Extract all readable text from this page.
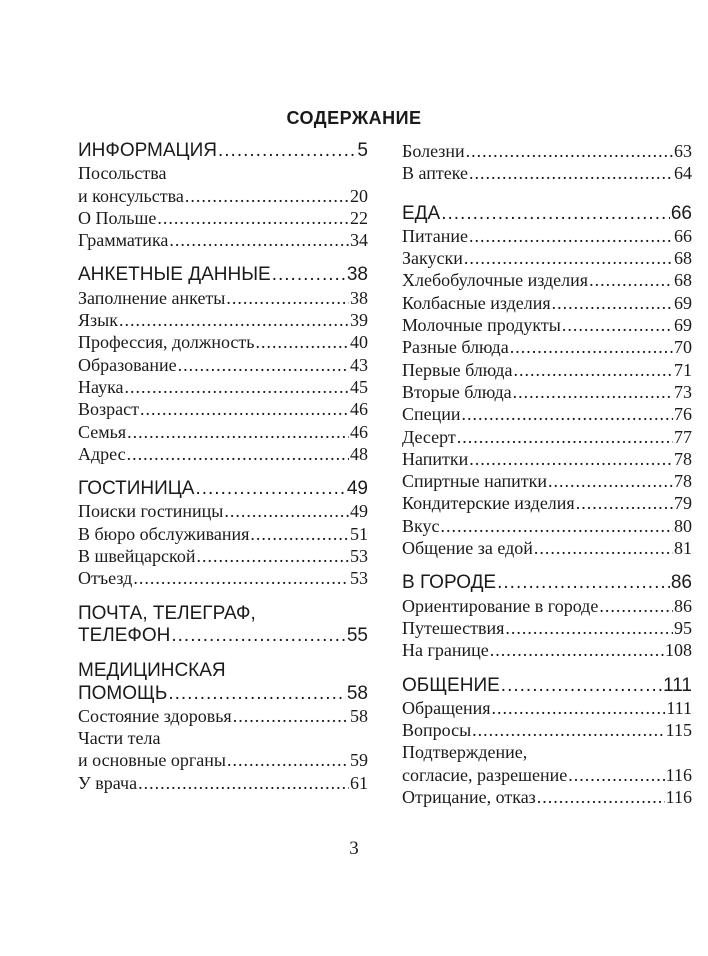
СОДЕРЖАНИЕ
ИНФОРМАЦИЯ .....	5
Посольства
и консульства .....	20
О Польше .....	22
Грамматика .....	34
АНКЕТНЫЕ ДАННЫЕ .....	38
Заполнение анкеты .....	38
Язык .....	39
Профессия, должность .....	40
Образование .....	43
Наука .....	45
Возраст .....	46
Семья .....	46
Адрес .....	48
ГОСТИНИЦА .....	49
Поиски гостиницы .....	49
В бюро обслуживания .....	51
В швейцарской .....	53
Отъезд .....	53
ПОЧТА, ТЕЛЕГРАФ,
ТЕЛЕФОН .....	55
МЕДИЦИНСКАЯ
ПОМОЩЬ .....	58
Состояние здоровья .....	58
Части тела
и основные органы .....	59
У врача .....	61
Болезни .....	63
В аптеке .....	64
ЕДА .....	66
Питание .....	66
Закуски .....	68
Хлебобулочные изделия .....	68
Колбасные изделия .....	69
Молочные продукты .....	69
Разные блюда .....	70
Первые блюда .....	71
Вторые блюда .....	73
Специи .....	76
Десерт .....	77
Напитки .....	78
Спиртные напитки .....	78
Кондитерские изделия .....	79
Вкус .....	80
Общение за едой .....	81
В ГОРОДЕ .....	86
Ориентирование в городе .....	86
Путешествия .....	95
На границе .....	108
ОБЩЕНИЕ .....	111
Обращения .....	111
Вопросы .....	115
Подтверждение,
согласие, разрешение .....	116
Отрицание, отказ .....	116
3
